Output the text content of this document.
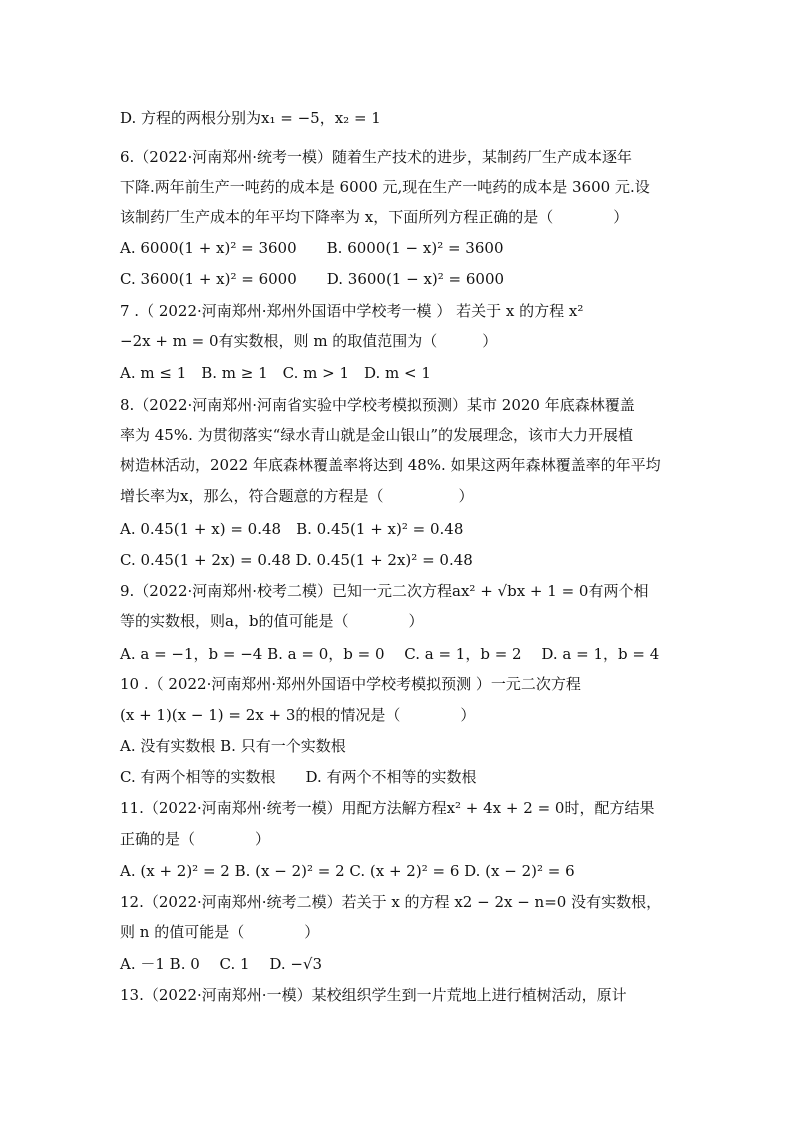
D. 方程的两根分别为x₁ = −5，x₂ = 1
6.（2022·河南郑州·统考一模）随着生产技术的进步，某制药厂生产成本逐年
下降.两年前生产一吨药的成本是 6000 元,现在生产一吨药的成本是 3600 元.设
该制药厂生产成本的年平均下降率为 x，下面所列方程正确的是（　　　　）
A. 6000(1 + x)² = 3600　　B. 6000(1 − x)² = 3600
C. 3600(1 + x)² = 6000　　D. 3600(1 − x)² = 6000
7 .（ 2022·河南郑州·郑州外国语中学校考一模 ） 若关于 x 的方程 x²
−2x + m = 0有实数根，则 m 的取值范围为（　　　）
A. m ≤ 1　B. m ≥ 1　C. m > 1　D. m < 1
8.（2022·河南郑州·河南省实验中学校考模拟预测）某市 2020 年底森林覆盖
率为 45%. 为贯彻落实“绿水青山就是金山银山”的发展理念，该市大力开展植
树造林活动，2022 年底森林覆盖率将达到 48%. 如果这两年森林覆盖率的年平均
增长率为x，那么，符合题意的方程是（　　　　　）
A. 0.45(1 + x) = 0.48　B. 0.45(1 + x)² = 0.48
C. 0.45(1 + 2x) = 0.48 D. 0.45(1 + 2x)² = 0.48
9.（2022·河南郑州·校考二模）已知一元二次方程ax² + √bx + 1 = 0有两个相
等的实数根，则a，b的值可能是（　　　　）
A. a = −1，b = −4 B. a = 0，b = 0　 C. a = 1，b = 2　 D. a = 1，b = 4
10 .（ 2022·河南郑州·郑州外国语中学校考模拟预测 ）一元二次方程
(x + 1)(x − 1) = 2x + 3的根的情况是（　　　　）
A. 没有实数根 B. 只有一个实数根
C. 有两个相等的实数根　　D. 有两个不相等的实数根
11.（2022·河南郑州·统考一模）用配方法解方程x² + 4x + 2 = 0时，配方结果
正确的是（　　　　）
A. (x + 2)² = 2 B. (x − 2)² = 2 C. (x + 2)² = 6 D. (x − 2)² = 6
12.（2022·河南郑州·统考二模）若关于 x 的方程 x2 − 2x − n=0 没有实数根，
则 n 的值可能是（　　　　）
A. －1 B. 0　 C. 1　 D. −√3
13.（2022·河南郑州·一模）某校组织学生到一片荒地上进行植树活动，原计
